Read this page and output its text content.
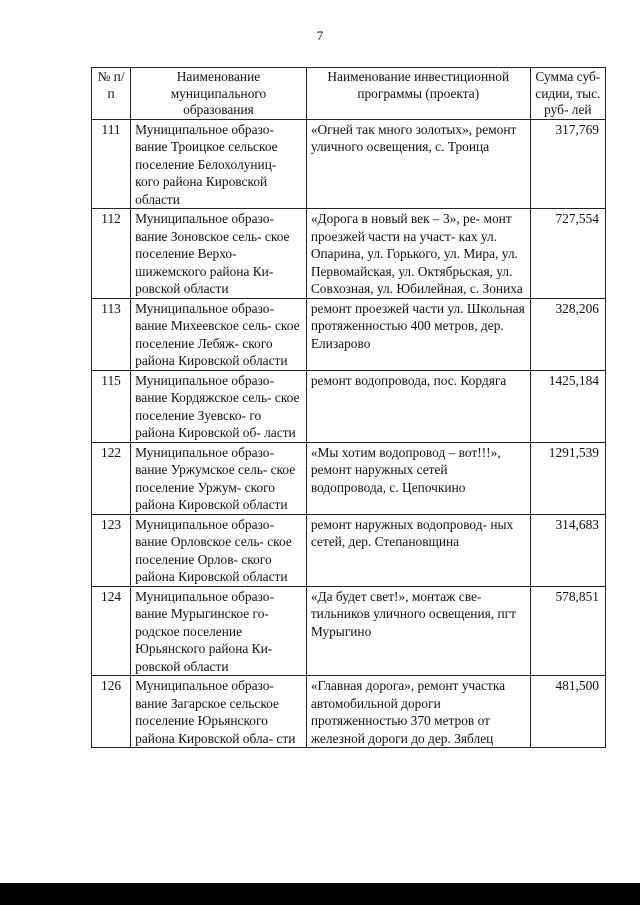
7
№ п/п	Наименование муниципального образования	Наименование инвестиционной программы (проекта)	Сумма суб- сидии, тыс. руб- лей
111	Муниципальное образо- вание Троицкое сельское поселение Белохолуниц- кого района Кировской области	«Огней так много золотых», ремонт уличного освещения, с. Троица	317,769
112	Муниципальное образо- вание Зоновское сель- ское поселение Верхо- шижемского района Ки- ровской области	«Дорога в новый век – 3», ре- монт проезжей части на участ- ках ул. Опарина, ул. Горького, ул. Мира, ул. Первомайская, ул. Октябрьская, ул. Совхозная, ул. Юбилейная, с. Зониха	727,554
113	Муниципальное образо- вание Михеевское сель- ское поселение Лебяж- ского района Кировской области	ремонт проезжей части ул. Школьная протяженностью 400 метров, дер. Елизарово	328,206
115	Муниципальное образо- вание Кордяжское сель- ское поселение Зуевско- го района Кировской об- ласти	ремонт водопровода, пос. Кордяга	1425,184
122	Муниципальное образо- вание Уржумское сель- ское поселение Уржум- ского района Кировской области	«Мы хотим водопровод – вот!!!», ремонт наружных сетей водопровода, с. Цепочкино	1291,539
123	Муниципальное образо- вание Орловское сель- ское поселение Орлов- ского района Кировской области	ремонт наружных водопровод- ных сетей, дер. Степановщина	314,683
124	Муниципальное образо- вание Мурыгинское го- родское поселение Юрьянского района Ки- ровской области	«Да будет свет!», монтаж све- тильников уличного освещения, пгт Мурыгино	578,851
126	Муниципальное образо- вание Загарское сельское поселение Юрьянского района Кировской обла- сти	«Главная дорога», ремонт участка автомобильной дороги протяженностью 370 метров от железной дороги до дер. Зяблец	481,500
